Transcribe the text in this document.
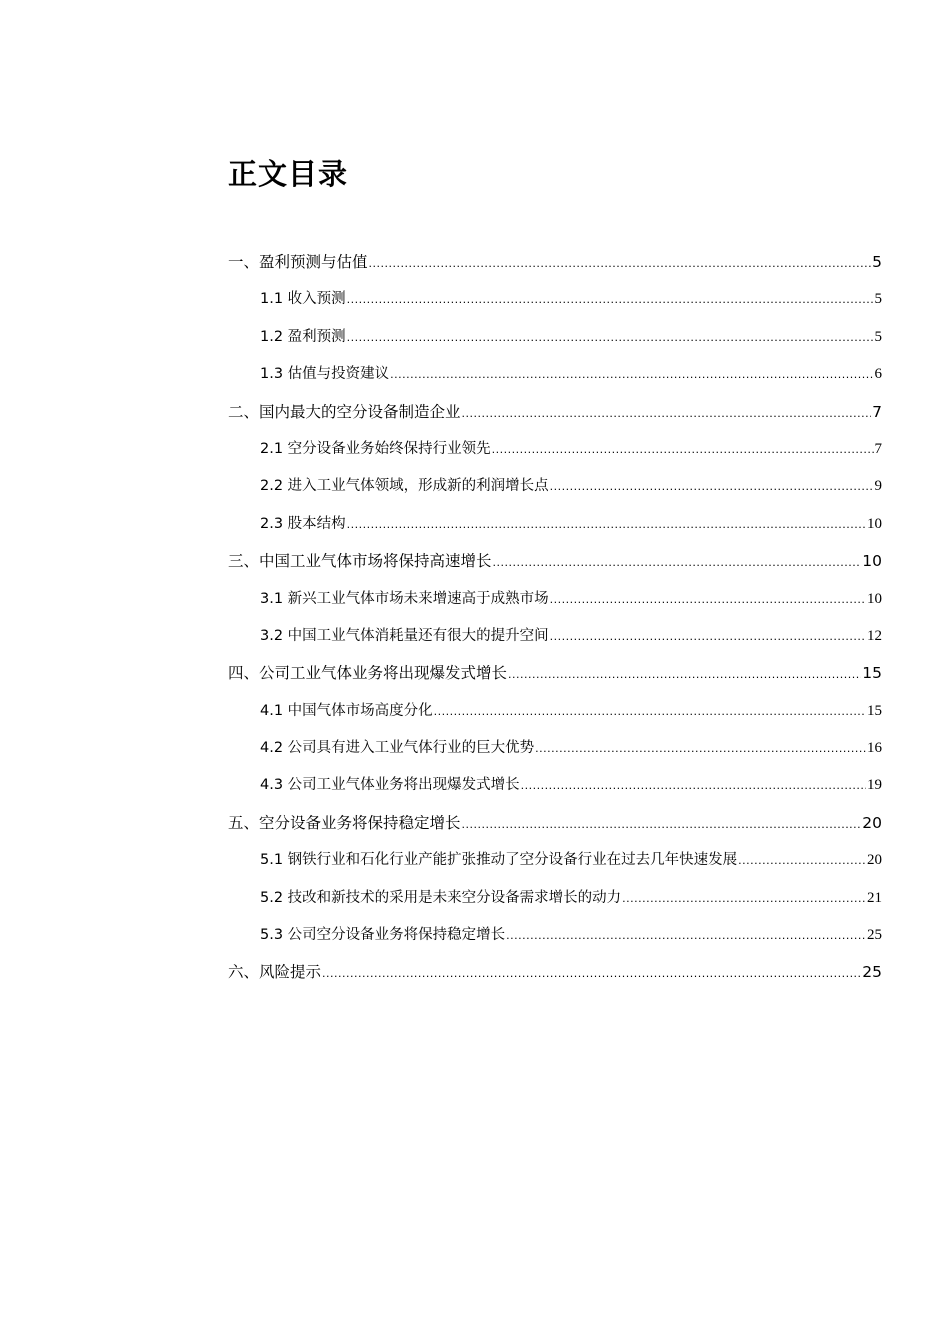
正文目录
一、盈利预测与估值 .....	5
1.1 收入预测 .....	5
1.2 盈利预测 .....	5
1.3 估值与投资建议 .....	6
二、国内最大的空分设备制造企业 .....	7
2.1 空分设备业务始终保持行业领先 .....	7
2.2 进入工业气体领域，形成新的利润增长点 .....	9
2.3 股本结构 .....	10
三、中国工业气体市场将保持高速增长 .....	10
3.1 新兴工业气体市场未来增速高于成熟市场 .....	10
3.2 中国工业气体消耗量还有很大的提升空间 .....	12
四、公司工业气体业务将出现爆发式增长 .....	15
4.1 中国气体市场高度分化 .....	15
4.2 公司具有进入工业气体行业的巨大优势 .....	16
4.3 公司工业气体业务将出现爆发式增长 .....	19
五、空分设备业务将保持稳定增长 .....	20
5.1 钢铁行业和石化行业产能扩张推动了空分设备行业在过去几年快速发展 .....	20
5.2 技改和新技术的采用是未来空分设备需求增长的动力 .....	21
5.3 公司空分设备业务将保持稳定增长 .....	25
六、风险提示 .....	25
